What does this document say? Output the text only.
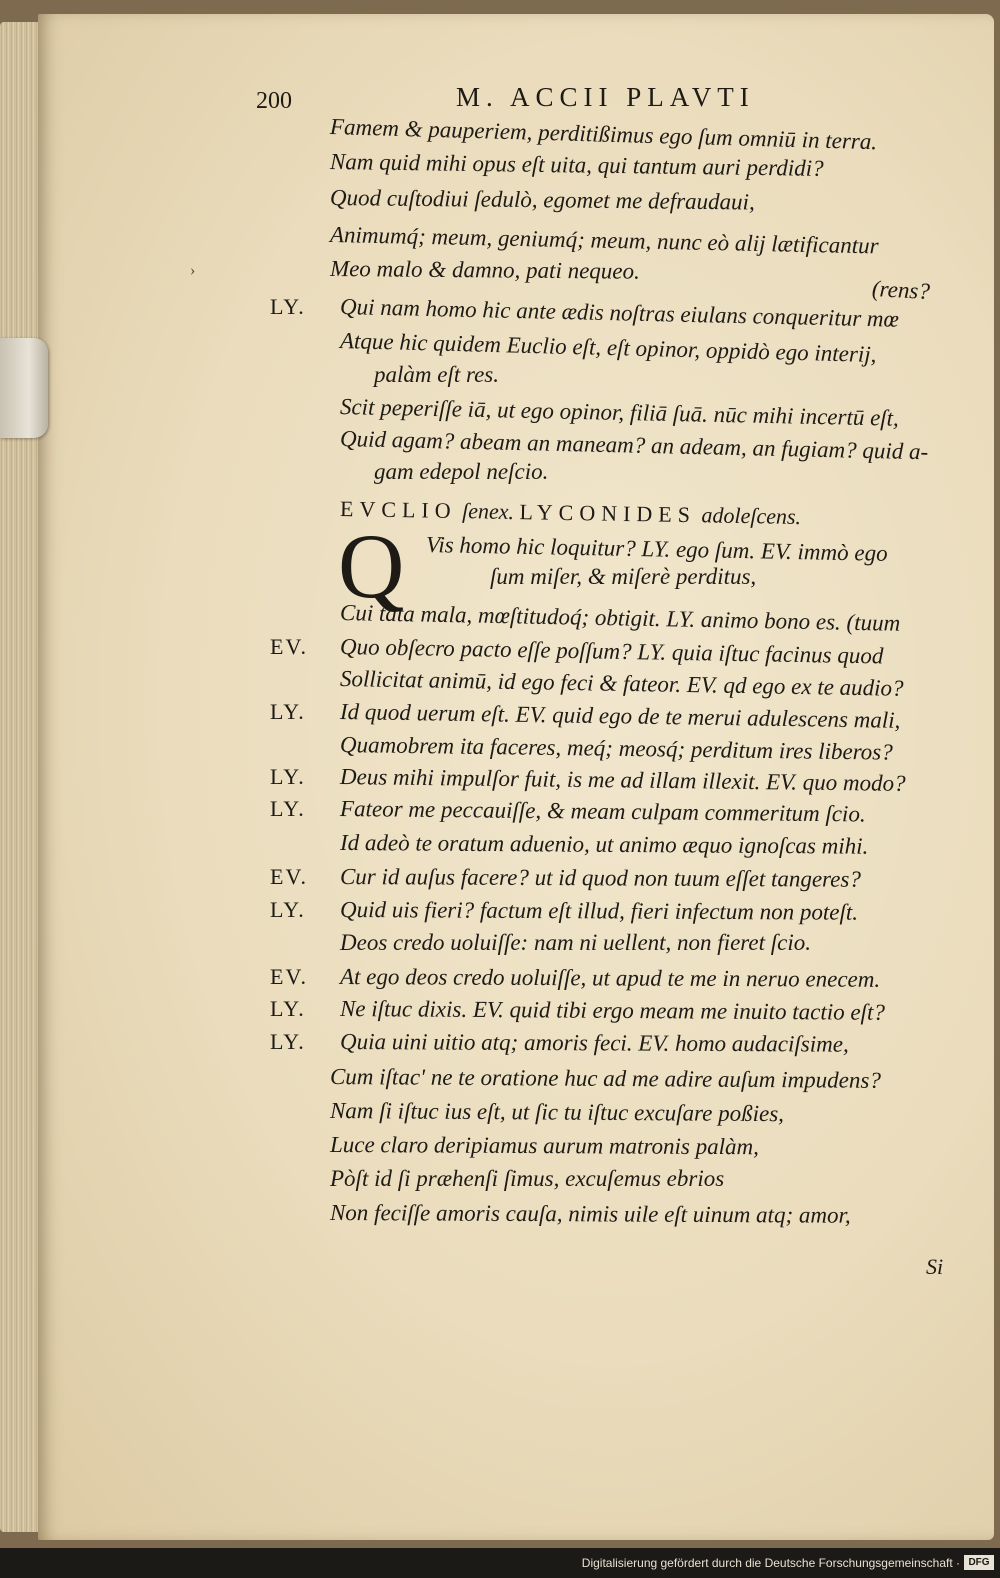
200	M. ACCII PLAVTI
›
Famem & pauperiem, perditißimus ego ſum omniū in terra.
Nam quid mihi opus eſt uita, qui tantum auri perdidi?
Quod cuſtodiui ſedulò, egomet me defraudaui,
Animumq́; meum, geniumq́; meum, nunc eò alij lætificantur
Meo malo & damno, pati nequeo.
(rens?
LY. Qui nam homo hic ante ædis noſtras eiulans conqueritur mœ
Atque hic quidem Euclio eſt, eſt opinor, oppidò ego interij,
palàm eſt res.
Scit peperiſſe iā, ut ego opinor, filiā ſuā. nūc mihi incertū eſt,
Quid agam? abeam an maneam? an adeam, an fugiam? quid a-
gam edepol neſcio.
EVCLIO ſenex. LYCONIDES adoleſcens.
Q Vis homo hic loquitur? LY. ego ſum. EV. immò ego
ſum miſer, & miſerè perditus,
Cui tāta mala, mœſtitudoq́; obtigit. LY. animo bono es. (tuum
EV. Quo obſecro pacto eſſe poſſum? LY. quia iſtuc facinus quod
Sollicitat animū, id ego feci & fateor. EV. qd ego ex te audio?
LY. Id quod uerum eſt. EV. quid ego de te merui adulescens mali,
Quamobrem ita faceres, meq́; meosq́; perditum ires liberos?
LY. Deus mihi impulſor fuit, is me ad illam illexit. EV. quo modo?
LY. Fateor me peccauiſſe, & meam culpam commeritum ſcio.
Id adeò te oratum aduenio, ut animo æquo ignoſcas mihi.
EV. Cur id auſus facere? ut id quod non tuum eſſet tangeres?
LY. Quid uis fieri? factum eſt illud, fieri infectum non poteſt.
Deos credo uoluiſſe: nam ni uellent, non fieret ſcio.
EV. At ego deos credo uoluiſſe, ut apud te me in neruo enecem.
LY. Ne iſtuc dixis. EV. quid tibi ergo meam me inuito tactio eſt?
LY. Quia uini uitio atq; amoris feci. EV. homo audaciſsime,
Cum iſtac' ne te oratione huc ad me adire auſum impudens?
Nam ſi iſtuc ius eſt, ut ſic tu iſtuc excuſare poßies,
Luce claro deripiamus aurum matronis palàm,
Pòſt id ſi præhenſi ſimus, excuſemus ebrios
Non feciſſe amoris cauſa, nimis uile eſt uinum atq; amor,
Si
Digitalisierung gefördert durch die Deutsche Forschungsgemeinschaft · DFG
